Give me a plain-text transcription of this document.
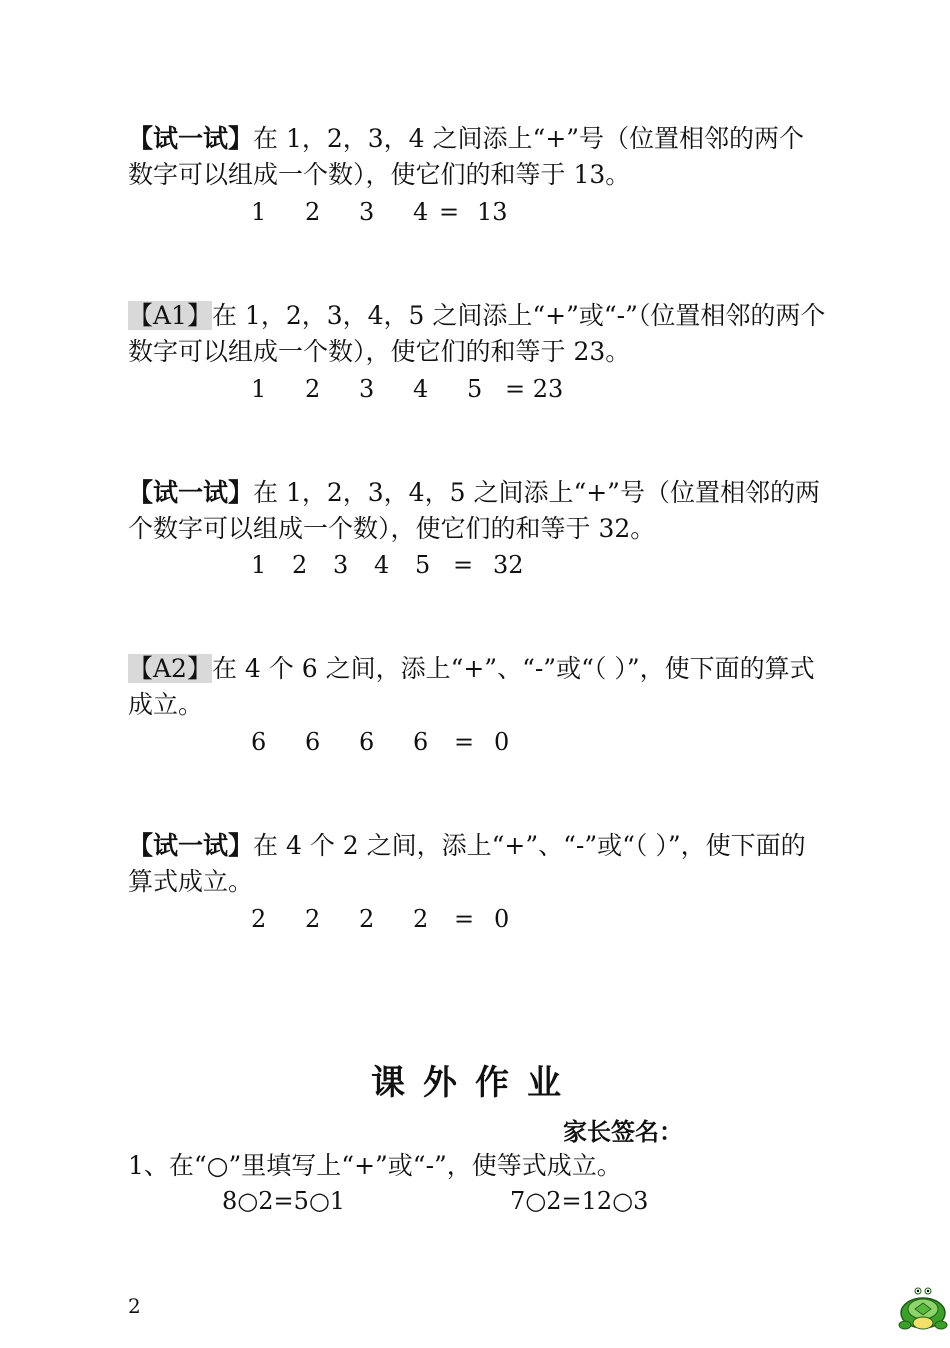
【试一试】在 1，2，3，4 之间添上“+”号（位置相邻的两个数字可以组成一个数），使它们的和等于 13。

1 2 3 4 = 13

【A1】在 1，2，3，4，5 之间添上“+”或“-”（位置相邻的两个数字可以组成一个数），使它们的和等于 23。

1 2 3 4 5 = 23

【试一试】在 1，2，3，4，5 之间添上“+”号（位置相邻的两个数字可以组成一个数），使它们的和等于 32。

1 2 3 4 5 = 32

【A2】在 4 个 6 之间，添上“+”、“-”或“（ ）”，使下面的算式成立。

6 6 6 6 = 0

【试一试】在 4 个 2 之间，添上“+”、“-”或“（ ）”，使下面的算式成立。

2 2 2 2 = 0
课外作业
家长签名：

1、在“○”里填写上“+”或“-”，使等式成立。

8○2=5○1	7○2=12○3
2
